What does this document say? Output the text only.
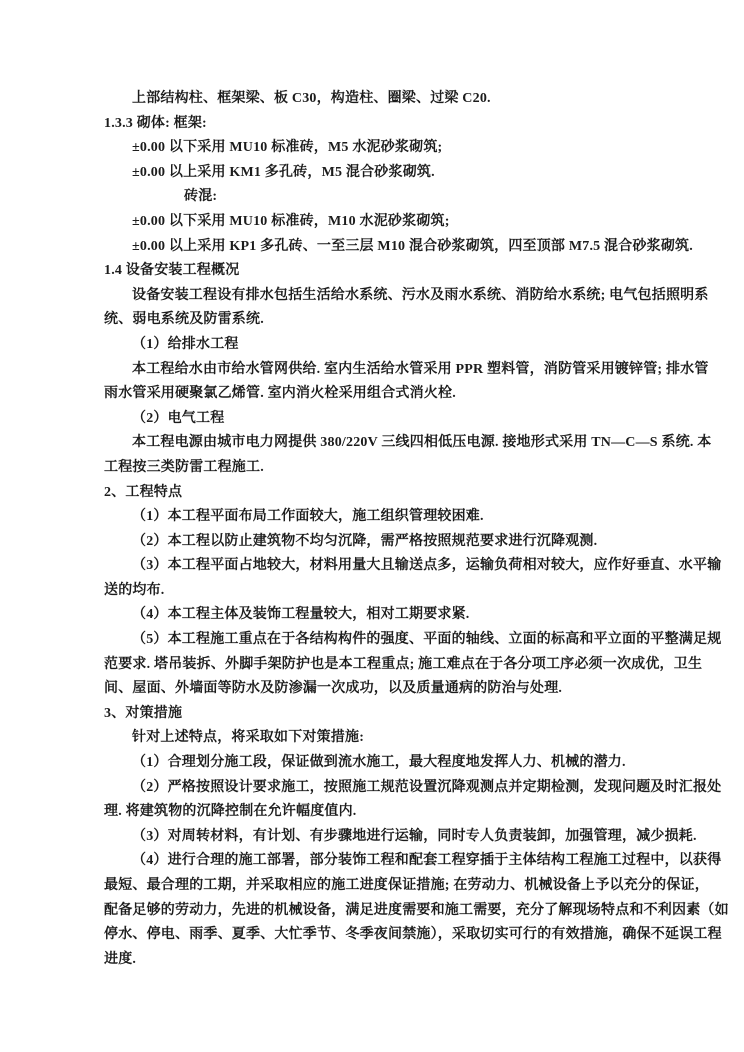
上部结构柱、框架梁、板 C30，构造柱、圈梁、过梁 C20.
1.3.3 砌体: 框架:
±0.00 以下采用 MU10 标准砖，M5 水泥砂浆砌筑;
±0.00 以上采用 KM1 多孔砖，M5 混合砂浆砌筑.
砖混:
±0.00 以下采用 MU10 标准砖，M10 水泥砂浆砌筑;
±0.00 以上采用 KP1 多孔砖、一至三层 M10 混合砂浆砌筑，四至顶部 M7.5 混合砂浆砌筑.
1.4 设备安装工程概况
设备安装工程设有排水包括生活给水系统、污水及雨水系统、消防给水系统; 电气包括照明系
统、弱电系统及防雷系统.
（1）给排水工程
本工程给水由市给水管网供给. 室内生活给水管采用 PPR 塑料管，消防管采用镀锌管; 排水管
雨水管采用硬聚氯乙烯管. 室内消火栓采用组合式消火栓.
（2）电气工程
本工程电源由城市电力网提供 380/220V 三线四相低压电源. 接地形式采用 TN—C—S 系统. 本
工程按三类防雷工程施工.
2、工程特点
（1）本工程平面布局工作面较大，施工组织管理较困难.
（2）本工程以防止建筑物不均匀沉降，需严格按照规范要求进行沉降观测.
（3）本工程平面占地较大，材料用量大且输送点多，运输负荷相对较大，应作好垂直、水平输
送的均布.
（4）本工程主体及装饰工程量较大，相对工期要求紧.
（5）本工程施工重点在于各结构构件的强度、平面的轴线、立面的标高和平立面的平整满足规
范要求. 塔吊装拆、外脚手架防护也是本工程重点; 施工难点在于各分项工序必须一次成优，卫生
间、屋面、外墙面等防水及防渗漏一次成功，以及质量通病的防治与处理.
3、对策措施
针对上述特点，将采取如下对策措施:
（1）合理划分施工段，保证做到流水施工，最大程度地发挥人力、机械的潜力.
（2）严格按照设计要求施工，按照施工规范设置沉降观测点并定期检测，发现问题及时汇报处
理. 将建筑物的沉降控制在允许幅度值内.
（3）对周转材料，有计划、有步骤地进行运输，同时专人负责装卸，加强管理，减少损耗.
（4）进行合理的施工部署，部分装饰工程和配套工程穿插于主体结构工程施工过程中，以获得
最短、最合理的工期，并采取相应的施工进度保证措施; 在劳动力、机械设备上予以充分的保证，
配备足够的劳动力，先进的机械设备，满足进度需要和施工需要，充分了解现场特点和不利因素（如
停水、停电、雨季、夏季、大忙季节、冬季夜间禁施），采取切实可行的有效措施，确保不延误工程
进度.
